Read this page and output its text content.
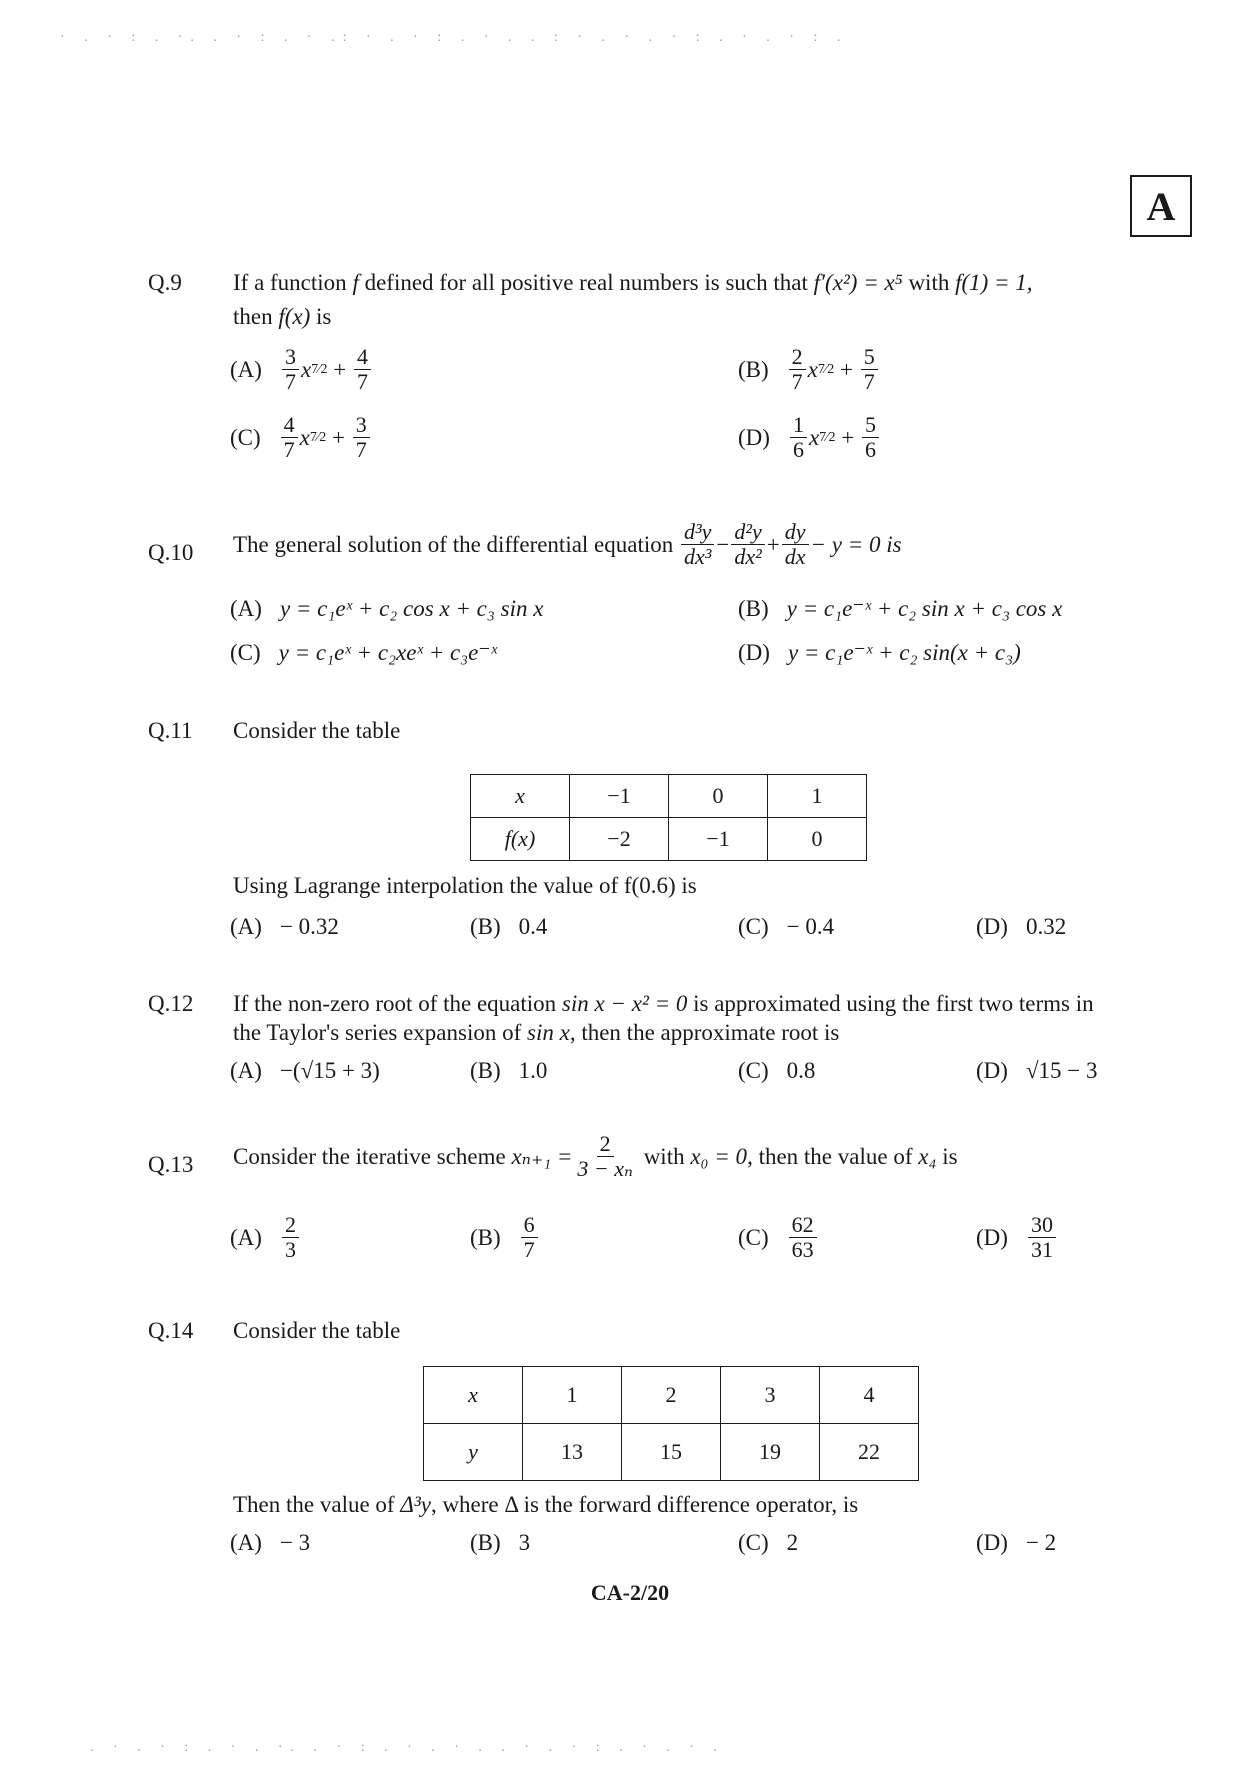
· . · : . ·. . · : . · .: · . · : . · . . : · . · . · : . · . · : .
. · . · : . · . ·. . · : . · . · . . · . · : . · . · .
A
Q.9 If a function f defined for all positive real numbers is such that f′(x²) = x⁵ with f(1) = 1,
then f(x) is
$(A) \frac{3}{7}$ x 7⁄2 + $\frac{4}{7}$	$(B) \frac{2}{7}$ x 7⁄2 + $\frac{5}{7}$
$(C) \frac{4}{7}$ x 7⁄2 + $\frac{3}{7}$	$(D) \frac{1}{6}$ x 7⁄2 + $\frac{5}{6}$
Q.10 The general solution of the differential equation
$\frac{\text{d³y}}{\text{dx³}} - \frac{\text{d²y}}{\text{dx²}} + \frac{dy}{dx} - y = 0$ is
(A) y = c₁eˣ + c₂ cos x + c₃ sin x	(B) y = c₁e⁻ˣ + c₂ sin x + c₃ cos x
(C) y = c₁eˣ + c₂xeˣ + c₃e⁻ˣ	(D) y = c₁e⁻ˣ + c₂ sin(x + c₃)
Q.11 Consider the table
x	−1	0	1
f(x)	−2	−1	0
Using Lagrange interpolation the value of f(0.6) is
(A) − 0.32	(B) 0.4	(C) − 0.4	(D) 0.32
Q.12 If the non-zero root of the equation sin x − x² = 0 is approximated using the first two terms in
the Taylor's series expansion of sin x, then the approximate root is
(A) −(√15 + 3)	(B) 1.0	(C) 0.8	(D) √15 − 3
Q.13 Consider the iterative scheme
$x_{n+1} = \frac{2}{\text{3 − xₙ}}$
with
x₀ = 0 , then the value of
x₄
is
$(A) \frac{2}{3}$	$(B) \frac{6}{7}$	$(C) \frac{62}{63}$	$(D) \frac{30}{31}$
Q.14 Consider the table
x	1	2	3	4
y	13	15	19	22
Then the value of Δ³y, where Δ is the forward difference operator, is
(A) − 3	(B) 3	(C) 2	(D) − 2
CA-2/20
